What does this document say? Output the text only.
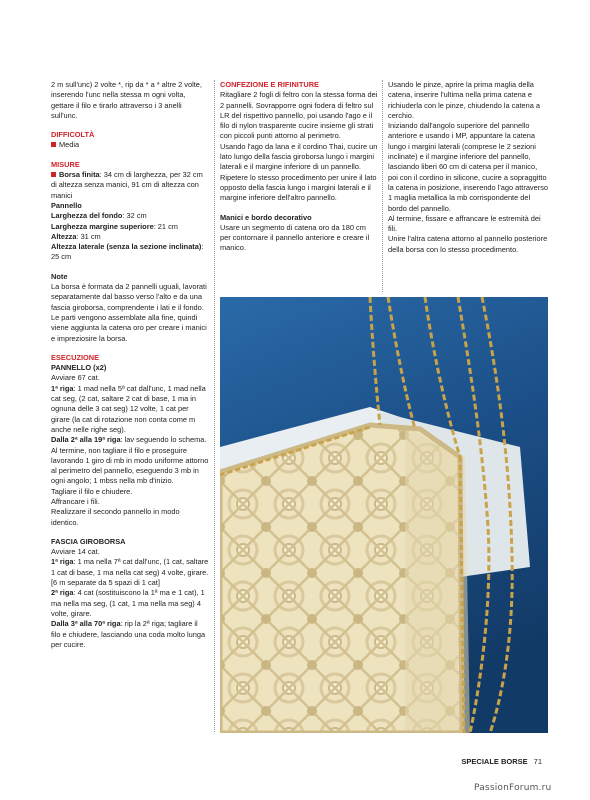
2 m sull'unc) 2 volte *, rip da * a * altre 2 volte, inserendo l'unc nella stessa m ogni volta, gettare il filo e tirarlo attraverso i 3 anelli sull'unc.

DIFFICOLTÀ

Media

MISURE

Borsa finita: 34 cm di larghezza, per 32 cm di altezza senza manici, 91 cm di altezza con manici

Pannello

Larghezza del fondo: 32 cm

Larghezza margine superiore: 21 cm

Altezza: 31 cm

Altezza laterale (senza la sezione inclinata): 25 cm

Note

La borsa è formata da 2 pannelli uguali, lavorati separatamente dal basso verso l'alto e da una fascia giroborsa, comprendente i lati e il fondo.

Le parti vengono assemblate alla fine, quindi viene aggiunta la catena oro per creare i manici e impreziosire la borsa.

ESECUZIONE

PANNELLO (x2)

Avviare 67 cat.

1ª riga: 1 mad nella 5ª cat dall'unc, 1 mad nella cat seg, (2 cat, saltare 2 cat di base, 1 ma in ognuna delle 3 cat seg) 12 volte, 1 cat per girare (la cat di rotazione non conta come m anche nelle righe seg).

Dalla 2ª alla 19ª riga: lav seguendo lo schema.

Al termine, non tagliare il filo e proseguire lavorando 1 giro di mb in modo uniforme attorno al perimetro del pannello, eseguendo 3 mb in ogni angolo; 1 mbss nella mb d'inizio.

Tagliare il filo e chiudere.

Affrancare i fili.

Realizzare il secondo pannello in modo identico.

FASCIA GIROBORSA

Avviare 14 cat.

1ª riga: 1 ma nella 7ª cat dall'unc, (1 cat, saltare 1 cat di base, 1 ma nella cat seg) 4 volte, girare. [6 m separate da 5 spazi di 1 cat]

2ª riga: 4 cat (sostituiscono la 1ª ma e 1 cat), 1 ma nella ma seg, (1 cat, 1 ma nella ma seg) 4 volte, girare.

Dalla 3ª alla 70ª riga: rip la 2ª riga; tagliare il filo e chiudere, lasciando una coda molto lunga per cucire.

CONFEZIONE E RIFINITURE

Ritagliare 2 fogli di feltro con la stessa forma dei 2 pannelli. Sovrapporre ogni fodera di feltro sul LR del rispettivo pannello, poi usando l'ago e il filo di nylon trasparente cucire insieme gli strati con piccoli punti attorno al perimetro.

Usando l'ago da lana e il cordino Thai, cucire un lato lungo della fascia giroborsa lungo i margini laterali e il margine inferiore di un pannello. Ripetere lo stesso procedimento per unire il lato opposto della fascia lungo i margini laterali e il margine inferiore dell'altro pannello.

Manici e bordo decorativo

Usare un segmento di catena oro da 180 cm per contornare il pannello anteriore e creare il manico.

Usando le pinze, aprire la prima maglia della catena, inserire l'ultima nella prima catena e richiuderla con le pinze, chiudendo la catena a cerchio.

Iniziando dall'angolo superiore del pannello anteriore e usando i MP, appuntare la catena lungo i margini laterali (comprese le 2 sezioni inclinate) e il margine inferiore del pannello, lasciando liberi 60 cm di catena per il manico, poi con il cordino in silicone, cucire a sopraggitto la catena in posizione, inserendo l'ago attraverso 1 maglia metallica la mb corrispondente del bordo del pannello.

Al termine, fissare e affrancare le estremità dei fili.

Unire l'altra catena attorno al pannello posteriore della borsa con lo stesso procedimento.

SPECIALE BORSE 71
PassionForum.ru
